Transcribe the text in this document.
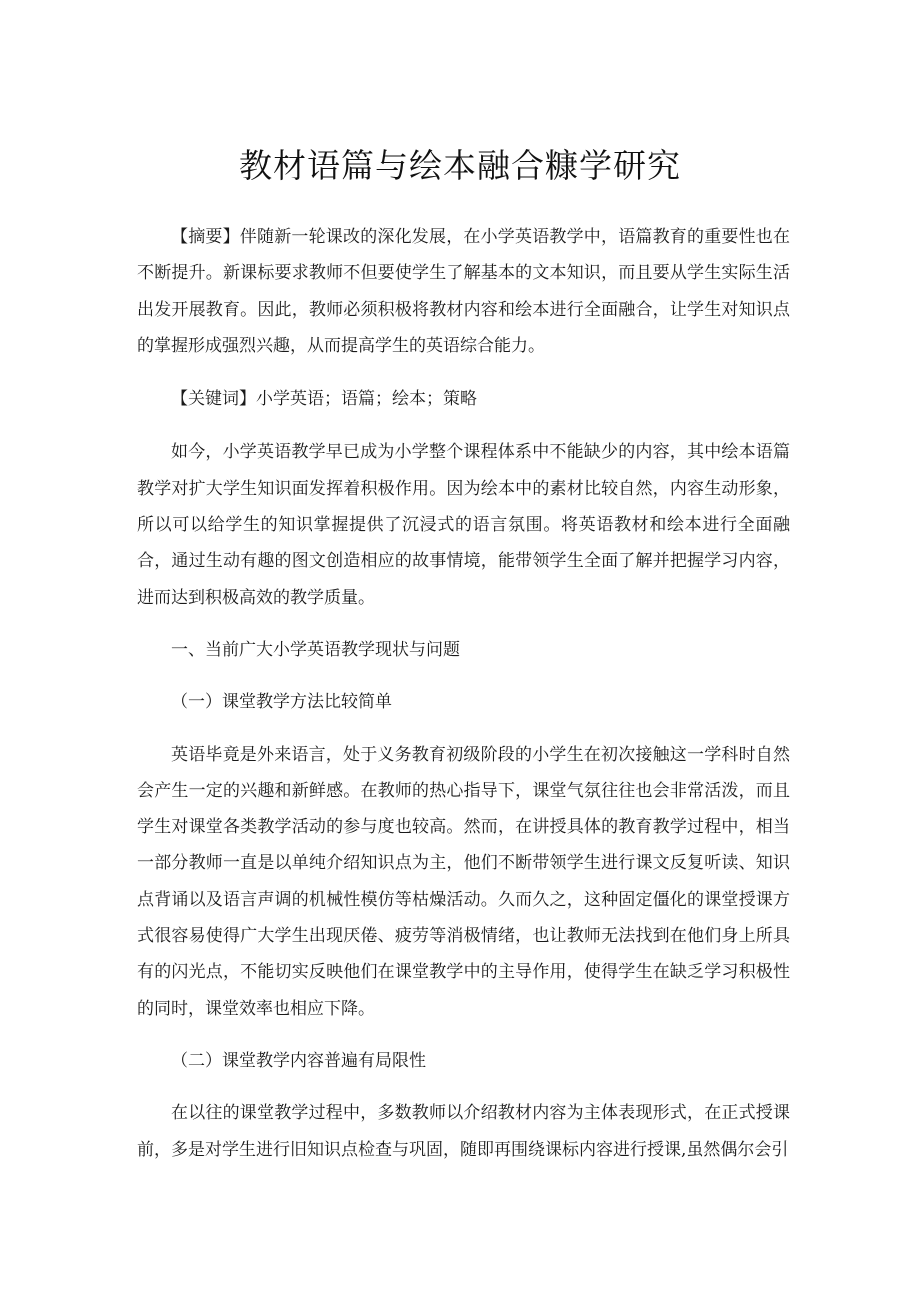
教材语篇与绘本融合糠学研究

【摘要】伴随新一轮课改的深化发展，在小学英语教学中，语篇教育的重要性也在不断提升。新课标要求教师不但要使学生了解基本的文本知识，而且要从学生实际生活出发开展教育。因此，教师必须积极将教材内容和绘本进行全面融合，让学生对知识点的掌握形成强烈兴趣，从而提高学生的英语综合能力。

【关键词】小学英语；语篇；绘本；策略

如今，小学英语教学早已成为小学整个课程体系中不能缺少的内容，其中绘本语篇教学对扩大学生知识面发挥着积极作用。因为绘本中的素材比较自然，内容生动形象，所以可以给学生的知识掌握提供了沉浸式的语言氛围。将英语教材和绘本进行全面融合，通过生动有趣的图文创造相应的故事情境，能带领学生全面了解并把握学习内容，进而达到积极高效的教学质量。

一、当前广大小学英语教学现状与问题

（一）课堂教学方法比较简单

英语毕竟是外来语言，处于义务教育初级阶段的小学生在初次接触这一学科时自然会产生一定的兴趣和新鲜感。在教师的热心指导下，课堂气氛往往也会非常活泼，而且学生对课堂各类教学活动的参与度也较高。然而，在讲授具体的教育教学过程中，相当一部分教师一直是以单纯介绍知识点为主，他们不断带领学生进行课文反复听读、知识点背诵以及语言声调的机械性模仿等枯燥活动。久而久之，这种固定僵化的课堂授课方式很容易使得广大学生出现厌倦、疲劳等消极情绪，也让教师无法找到在他们身上所具有的闪光点，不能切实反映他们在课堂教学中的主导作用，使得学生在缺乏学习积极性的同时，课堂效率也相应下降。

（二）课堂教学内容普遍有局限性

在以往的课堂教学过程中，多数教师以介绍教材内容为主体表现形式，在正式授课前，多是对学生进行旧知识点检查与巩固，随即再围绕课标内容进行授课,虽然偶尔会引
